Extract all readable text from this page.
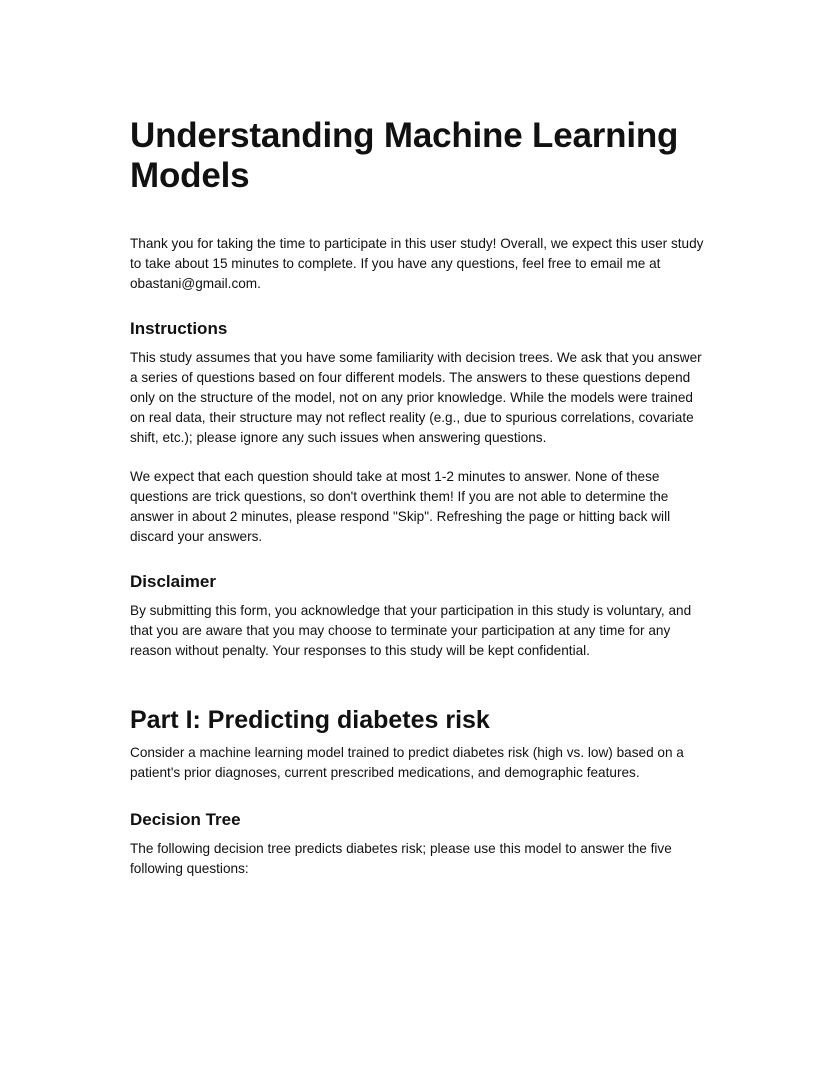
Understanding Machine Learning Models

Thank you for taking the time to participate in this user study! Overall, we expect this user study to take about 15 minutes to complete. If you have any questions, feel free to email me at obastani@gmail.com.

Instructions

This study assumes that you have some familiarity with decision trees. We ask that you answer a series of questions based on four different models. The answers to these questions depend only on the structure of the model, not on any prior knowledge. While the models were trained on real data, their structure may not reflect reality (e.g., due to spurious correlations, covariate shift, etc.); please ignore any such issues when answering questions.

We expect that each question should take at most 1-2 minutes to answer. None of these questions are trick questions, so don't overthink them! If you are not able to determine the answer in about 2 minutes, please respond "Skip". Refreshing the page or hitting back will discard your answers.

Disclaimer

By submitting this form, you acknowledge that your participation in this study is voluntary, and that you are aware that you may choose to terminate your participation at any time for any reason without penalty. Your responses to this study will be kept confidential.

Part I: Predicting diabetes risk

Consider a machine learning model trained to predict diabetes risk (high vs. low) based on a patient's prior diagnoses, current prescribed medications, and demographic features.

Decision Tree

The following decision tree predicts diabetes risk; please use this model to answer the five following questions:
